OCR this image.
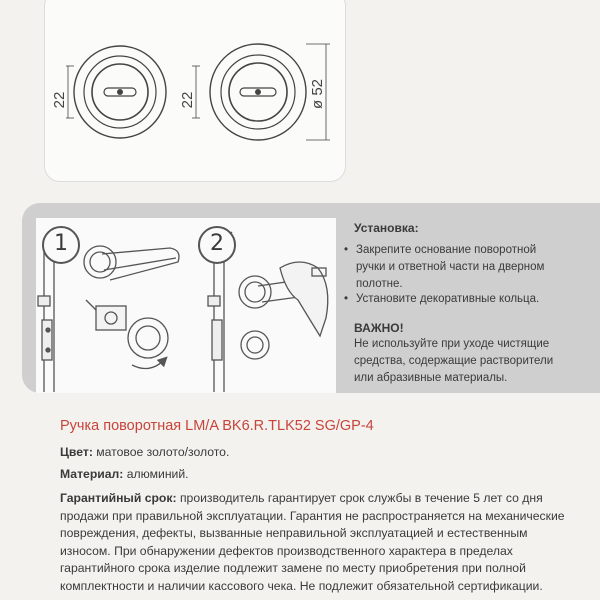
22	22	ø 52
1	2
Установка:
• Закрепите основание поворотной
ручки и ответной части на дверном
полотне.
• Установите декоративные кольца.
ВАЖНО!
Не используйте при уходе чистящие
средства, содержащие растворители
или абразивные материалы.
Ручка поворотная LM/A BK6.R.TLK52 SG/GP-4
Цвет: матовое золото/золото.
Материал: алюминий.
Гарантийный срок: производитель гарантирует срок службы в течение 5 лет со дня
продажи при правильной эксплуатации. Гарантия не распространяется на механические
повреждения, дефекты, вызванные неправильной эксплуатацией и естественным
износом. При обнаружении дефектов производственного характера в пределах
гарантийного срока изделие подлежит замене по месту приобретения при полной
комплектности и наличии кассового чека. Не подлежит обязательной сертификации.
